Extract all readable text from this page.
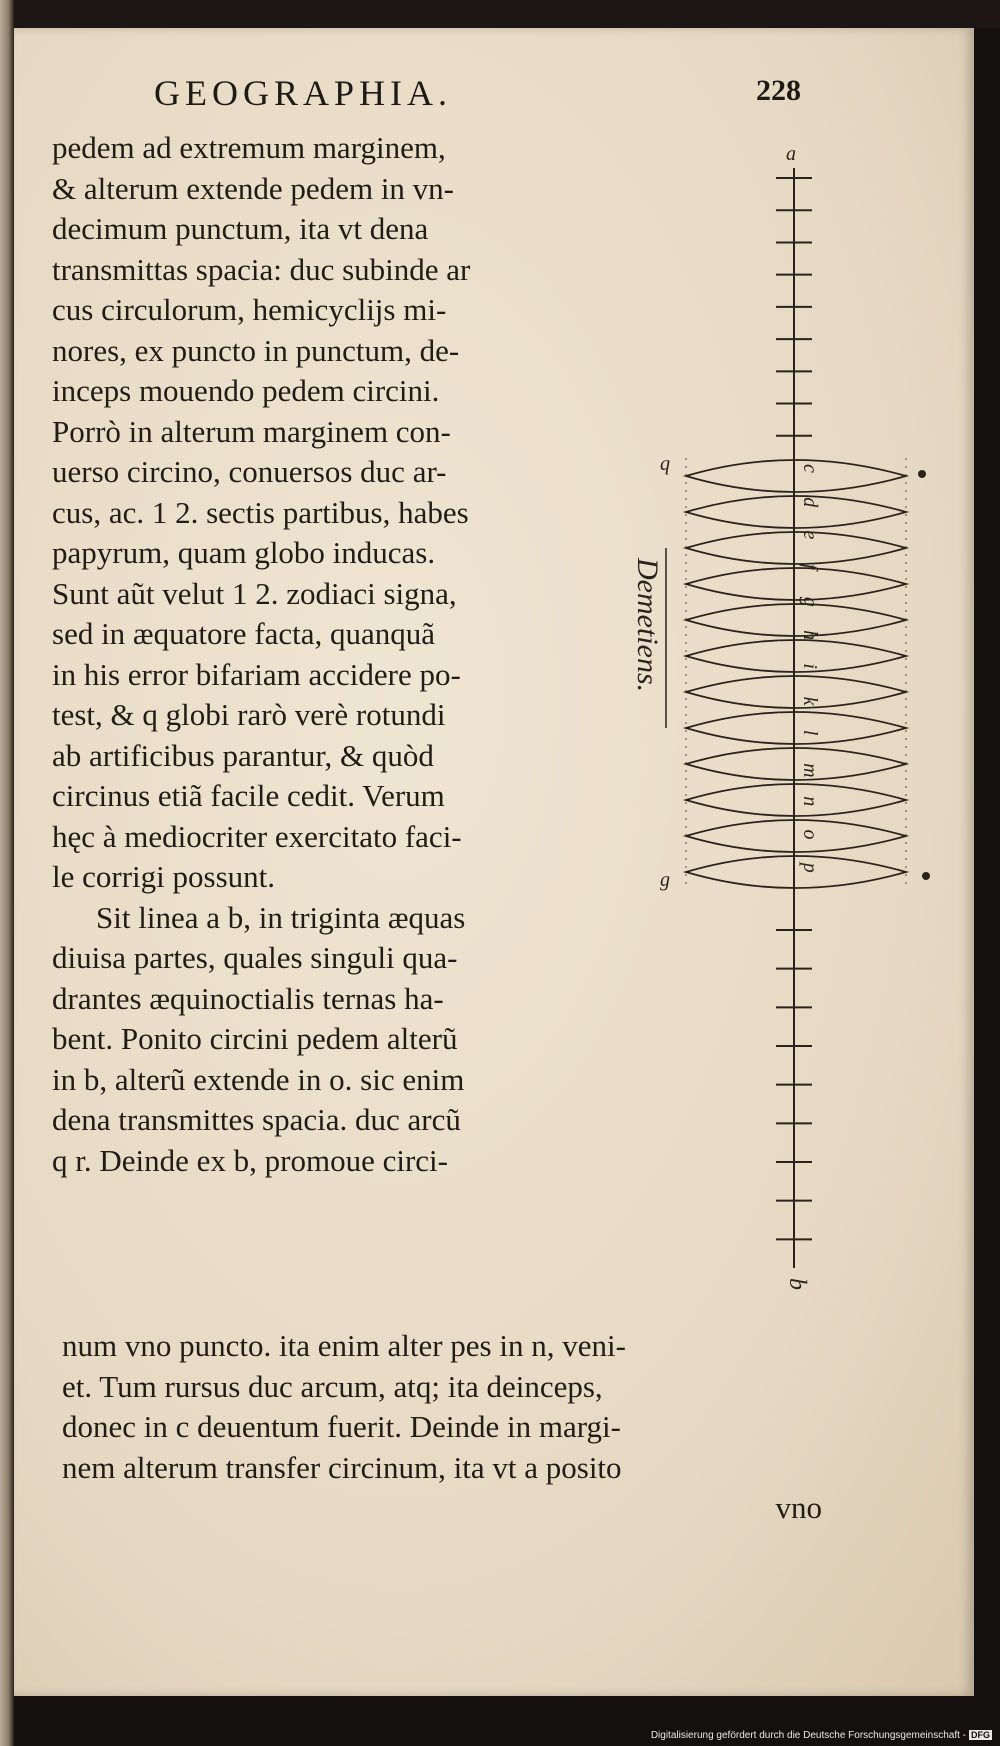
GEOGRAPHIA.	228
pedem ad extremum marginem,
& alterum extende pedem in vn-
decimum punctum, ita vt dena
transmittas spacia: duc subinde ar
cus circulorum, hemicyclijs mi-
nores, ex puncto in punctum, de-
inceps mouendo pedem circini.
Porrò in alterum marginem con-
uerso circino, conuersos duc ar-
cus, ac. 1 2. sectis partibus, habes
papyrum, quam globo inducas.
Sunt aũt velut 1 2. zodiaci signa,
sed in æquatore facta, quanquã
in his error bifariam accidere po-
test, & q globi rarò verè rotundi
ab artificibus parantur, & quòd
circinus etiã facile cedit. Verum
hęc à mediocriter exercitato faci-
le corrigi possunt.
Sit linea a b, in triginta æquas
diuisa partes, quales singuli qua-
drantes æquinoctialis ternas ha-
bent. Ponito circini pedem alterũ
in b, alterũ extende in o. sic enim
dena transmittes spacia. duc arcũ
q r. Deinde ex b, promoue circi-
num vno puncto. ita enim alter pes in n, veni-
et. Tum rursus duc arcum, atq; ita deinceps,
donec in c deuentum fuerit. Deinde in margi-
nem alterum transfer circinum, ita vt a posito
vno
c
d
e
f
g
h
i
k
l
m
n
o
p
a
b
q
g
Demetiens.
Digitalisierung gefördert durch die Deutsche Forschungsgemeinschaft - DFG
